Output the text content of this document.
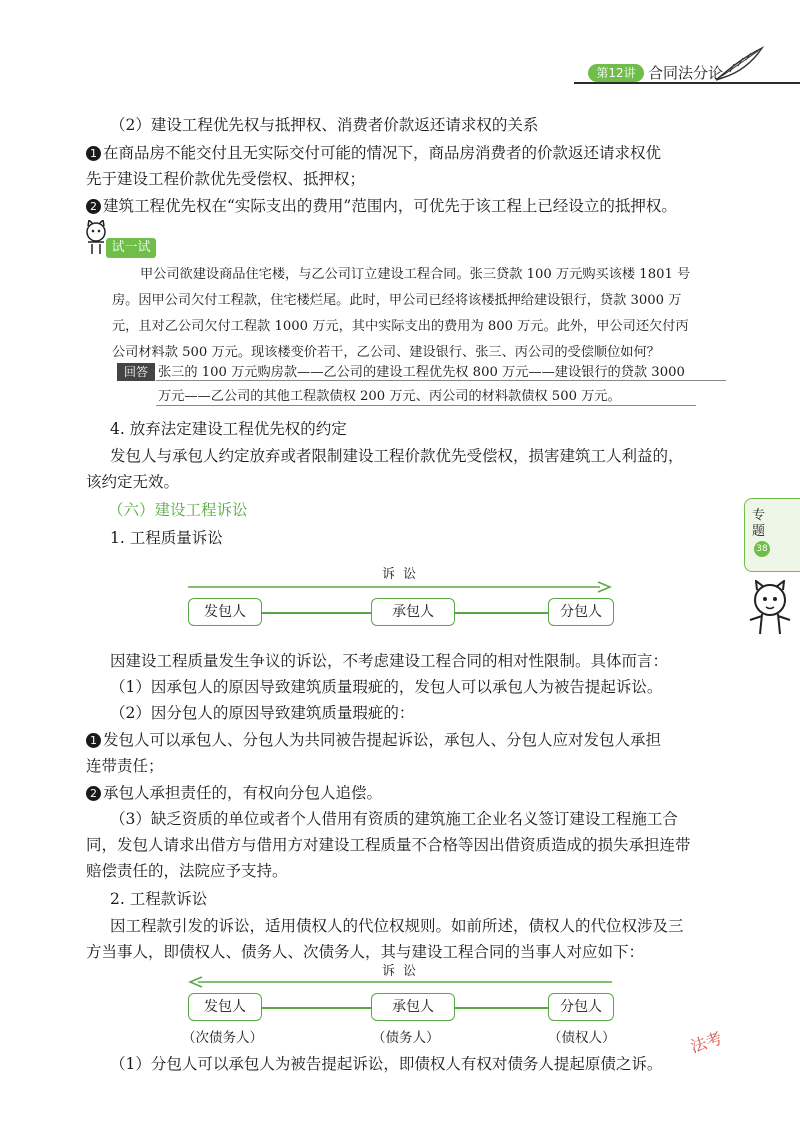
第12讲 合同法分论
（2）建设工程优先权与抵押权、消费者价款返还请求权的关系
1 在商品房不能交付且无实际交付可能的情况下，商品房消费者的价款返还请求权优
先于建设工程价款优先受偿权、抵押权；
2 建筑工程优先权在“实际支出的费用”范围内，可优先于该工程上已经设立的抵押权。
试一试
甲公司欲建设商品住宅楼，与乙公司订立建设工程合同。张三贷款 100 万元购买该楼 1801 号
房。因甲公司欠付工程款，住宅楼烂尾。此时，甲公司已经将该楼抵押给建设银行，贷款 3000 万
元，且对乙公司欠付工程款 1000 万元，其中实际支出的费用为 800 万元。此外，甲公司还欠付丙
公司材料款 500 万元。现该楼变价若干，乙公司、建设银行、张三、丙公司的受偿顺位如何？
回答 张三的 100 万元购房款——乙公司的建设工程优先权 800 万元——建设银行的贷款 3000
万元——乙公司的其他工程款债权 200 万元、丙公司的材料款债权 500 万元。
4. 放弃法定建设工程优先权的约定
发包人与承包人约定放弃或者限制建设工程价款优先受偿权，损害建筑工人利益的，
该约定无效。
（六）建设工程诉讼
1. 工程质量诉讼
专题
38
诉讼
发包人	承包人	分包人
因建设工程质量发生争议的诉讼，不考虑建设工程合同的相对性限制。具体而言：
（1）因承包人的原因导致建筑质量瑕疵的，发包人可以承包人为被告提起诉讼。
（2）因分包人的原因导致建筑质量瑕疵的：
1 发包人可以承包人、分包人为共同被告提起诉讼，承包人、分包人应对发包人承担
连带责任；
2 承包人承担责任的，有权向分包人追偿。
（3）缺乏资质的单位或者个人借用有资质的建筑施工企业名义签订建设工程施工合
同，发包人请求出借方与借用方对建设工程质量不合格等因出借资质造成的损失承担连带
赔偿责任的，法院应予支持。
2. 工程款诉讼
因工程款引发的诉讼，适用债权人的代位权规则。如前所述，债权人的代位权涉及三
方当事人，即债权人、债务人、次债务人，其与建设工程合同的当事人对应如下：
诉讼
发包人	承包人	分包人
（次债务人）	（债务人）	（债权人）
（1）分包人可以承包人为被告提起诉讼，即债权人有权对债务人提起原债之诉。
法考
